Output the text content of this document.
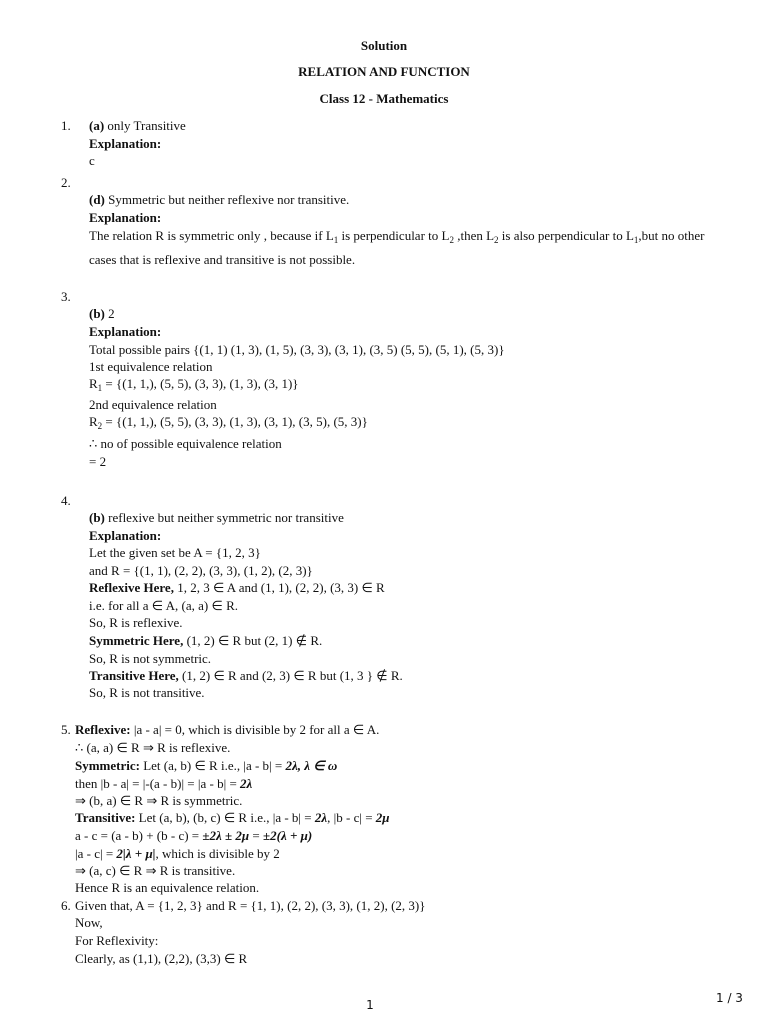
Solution
RELATION AND FUNCTION
Class 12 - Mathematics
1. (a) only Transitive
Explanation:
c
2.
(d) Symmetric but neither reflexive nor transitive.
Explanation:
The relation R is symmetric only , because if $L_1$ is perpendicular to $L_2$ ,then $L_2$ is also perpendicular to $L_1,but$ no other cases that is reflexive and transitive is not possible.
3.
(b) 2
Explanation:
Total possible pairs {(1, 1) (1, 3), (1, 5), (3, 3), (3, 1), (3, 5) (5, 5), (5, 1), (5, 3)}
1st equivalence relation
$R_1 = \{(1$, 1,), (5, 5), (3, 3), (1, 3), (3, 1)}
2nd equivalence relation
$R_2 = \{(1$, 1,), (5, 5), (3, 3), (1, 3), (3, 1), (3, 5), (5, 3)}
∴ no of possible equivalence relation
= 2
4.
(b) reflexive but neither symmetric nor transitive
Explanation:
Let the given set be A = {1, 2, 3}
and R = {(1, 1), (2, 2), (3, 3), (1, 2), (2, 3)}
Reflexive Here, 1, 2, 3 ∈ A and (1, 1), (2, 2), (3, 3) ∈ R
i.e. for all a ∈ A, (a, a) ∈ R.
So, R is reflexive.
Symmetric Here, (1, 2) ∈ R but (2, 1) ∉ R.
So, R is not symmetric.
Transitive Here, (1, 2) ∈ R and (2, 3) ∈ R but (1, 3 } ∉ R.
So, R is not transitive.
5. Reflexive: |a - a| = 0, which is divisible by 2 for all a ∈ A.
∴ (a, a) ∈ R ⇒ R is reflexive.
Symmetric: Let (a, b) ∈ R i.e., |a - b| = 2λ, λ ∈ ω
then |b - a| = |-(a - b)| = |a - b| = 2λ
⇒ (b, a) ∈ R ⇒ R is symmetric.
Transitive: Let (a, b), (b, c) ∈ R i.e., |a - b| = 2λ, |b - c| = 2μ
a - c = (a - b) + (b - c) = ±2λ ± 2μ = ±2(λ + μ)
|a - c| = 2|λ + μ|, which is divisible by 2
⇒ (a, c) ∈ R ⇒ R is transitive.
Hence R is an equivalence relation.
6. Given that, A = {1, 2, 3} and R = {1, 1), (2, 2), (3, 3), (1, 2), (2, 3)}
Now,
For Reflexivity:
Clearly, as (1,1), (2,2), (3,3) ∈ R
1	1 / 3
